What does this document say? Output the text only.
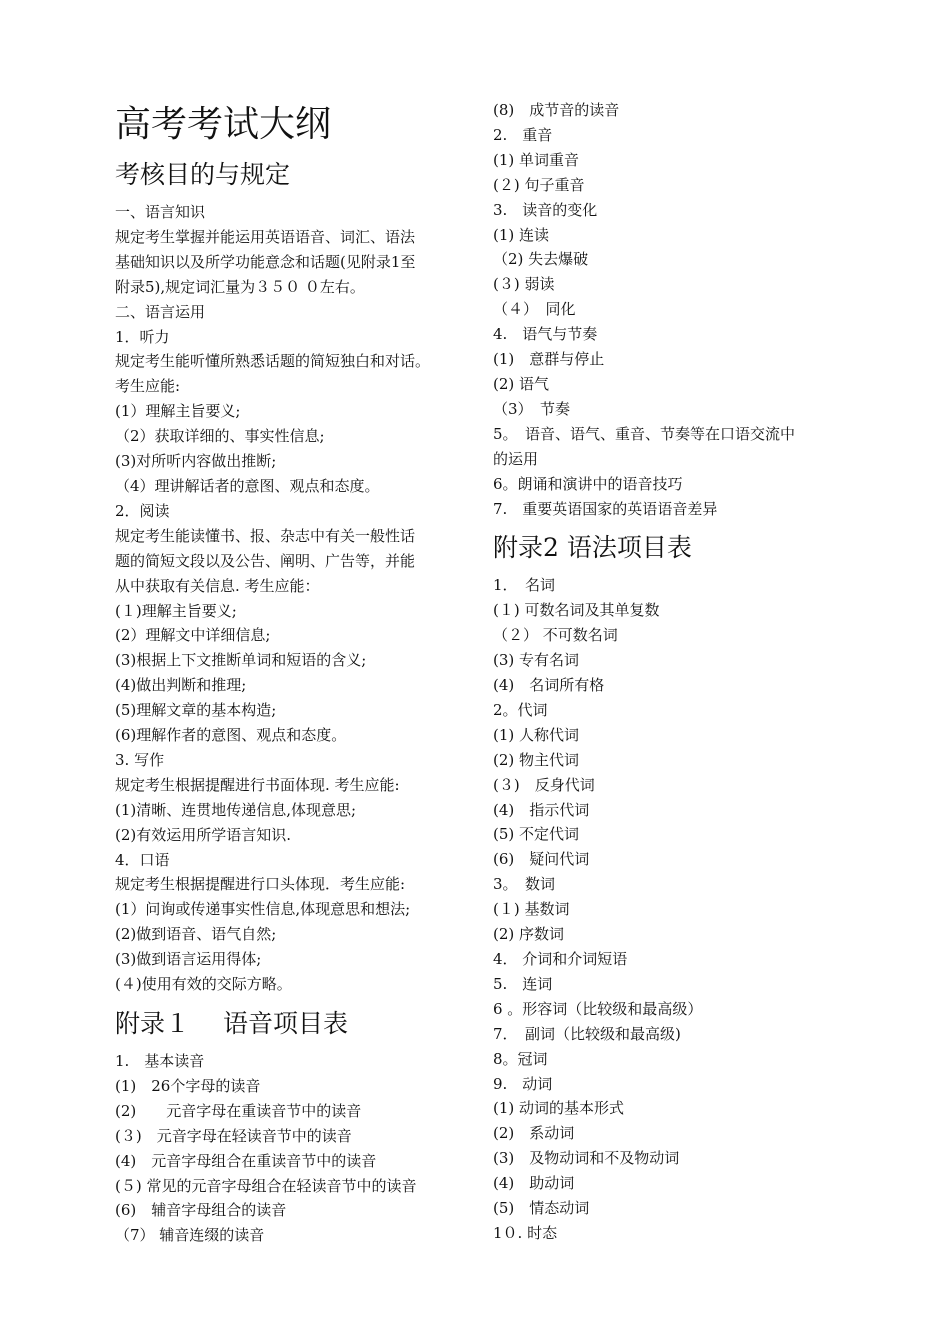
高考考试大纲
考核目的与规定
一、语言知识
规定考生掌握并能运用英语语音、词汇、语法
基础知识以及所学功能意念和话题(见附录1至
附录5),规定词汇量为３５０ ０左右。
二、语言运用
1．听力
规定考生能听懂所熟悉话题的简短独白和对话。
考生应能:
(1）理解主旨要义;
（2）获取详细的、事实性信息;
(3)对所听内容做出推断;
（4）理讲解话者的意图、观点和态度。
2．阅读
规定考生能读懂书、报、杂志中有关一般性话
题的简短文段以及公告、阐明、广告等，并能
从中获取有关信息. 考生应能：
(１)理解主旨要义;
(2）理解文中详细信息;
(3)根据上下文推断单词和短语的含义;
(4)做出判断和推理;
(5)理解文章的基本构造;
(6)理解作者的意图、观点和态度。
3. 写作
规定考生根据提醒进行书面体现. 考生应能:
(1)清晰、连贯地传递信息,体现意思;
(2)有效运用所学语言知识.
4．口语
规定考生根据提醒进行口头体现．考生应能:
(1）问询或传递事实性信息,体现意思和想法;
(2)做到语音、语气自然;
(3)做到语言运用得体;
(４)使用有效的交际方略。
附录１　 语音项目表
1.　基本读音
(1)　26个字母的读音
(2)　　元音字母在重读音节中的读音
(３)　元音字母在轻读音节中的读音
(4)　元音字母组合在重读音节中的读音
(５) 常见的元音字母组合在轻读音节中的读音
(6)　辅音字母组合的读音
（7） 辅音连缀的读音
(8)　成节音的读音
2.　重音
(1) 单词重音
(２) 句子重音
3.　读音的变化
(1) 连读
（2) 失去爆破
(３) 弱读
（４）　同化
4.　语气与节奏
(1)　意群与停止
(2) 语气
（3）　节奏
5。　语音、语气、重音、节奏等在口语交流中
的运用
6。朗诵和演讲中的语音技巧
7.　重要英语国家的英语语音差异
附录2 语法项目表
1．　名词
(１) 可数名词及其单复数
（２） 不可数名词
(3) 专有名词
(4)　名词所有格
2。代词
(1) 人称代词
(2) 物主代词
(３)　反身代词
(4)　指示代词
(5) 不定代词
(6)　疑问代词
3。　数词
(１) 基数词
(2) 序数词
4． 介词和介词短语
5.　连词
6 。形容词（比较级和最高级）
7．　副词（比较级和最高级)
8。冠词
9.　动词
(1) 动词的基本形式
(2)　系动词
(3)　及物动词和不及物动词
(4)　助动词
(5)　情态动词
1０. 时态
